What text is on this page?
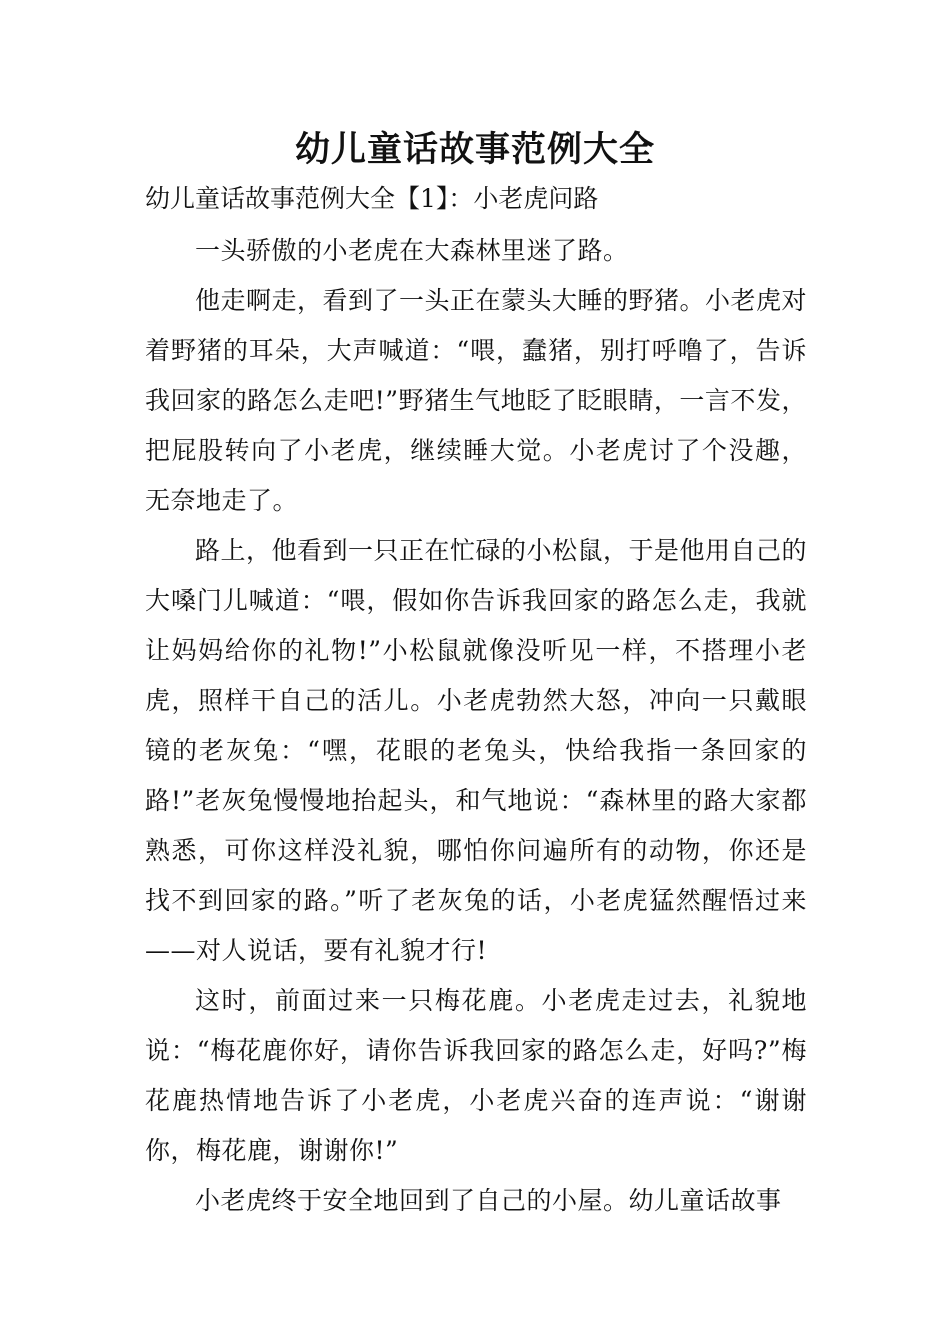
幼儿童话故事范例大全

幼儿童话故事范例大全【1】：小老虎问路

一头骄傲的小老虎在大森林里迷了路。

他走啊走，看到了一头正在蒙头大睡的野猪。小老虎对着野猪的耳朵，大声喊道：“喂，蠢猪，别打呼噜了，告诉我回家的路怎么走吧!”野猪生气地眨了眨眼睛，一言不发，把屁股转向了小老虎，继续睡大觉。小老虎讨了个没趣，无奈地走了。

路上，他看到一只正在忙碌的小松鼠，于是他用自己的大嗓门儿喊道：“喂，假如你告诉我回家的路怎么走，我就让妈妈给你的礼物!”小松鼠就像没听见一样，不搭理小老虎，照样干自己的活儿。小老虎勃然大怒，冲向一只戴眼镜的老灰兔：“嘿，花眼的老兔头，快给我指一条回家的路!”老灰兔慢慢地抬起头，和气地说：“森林里的路大家都熟悉，可你这样没礼貌，哪怕你问遍所有的动物，你还是找不到回家的路。”听了老灰兔的话，小老虎猛然醒悟过来——对人说话，要有礼貌才行!

这时，前面过来一只梅花鹿。小老虎走过去，礼貌地说：“梅花鹿你好，请你告诉我回家的路怎么走，好吗?”梅花鹿热情地告诉了小老虎，小老虎兴奋的连声说：“谢谢你，梅花鹿，谢谢你!”

小老虎终于安全地回到了自己的小屋。幼儿童话故事
